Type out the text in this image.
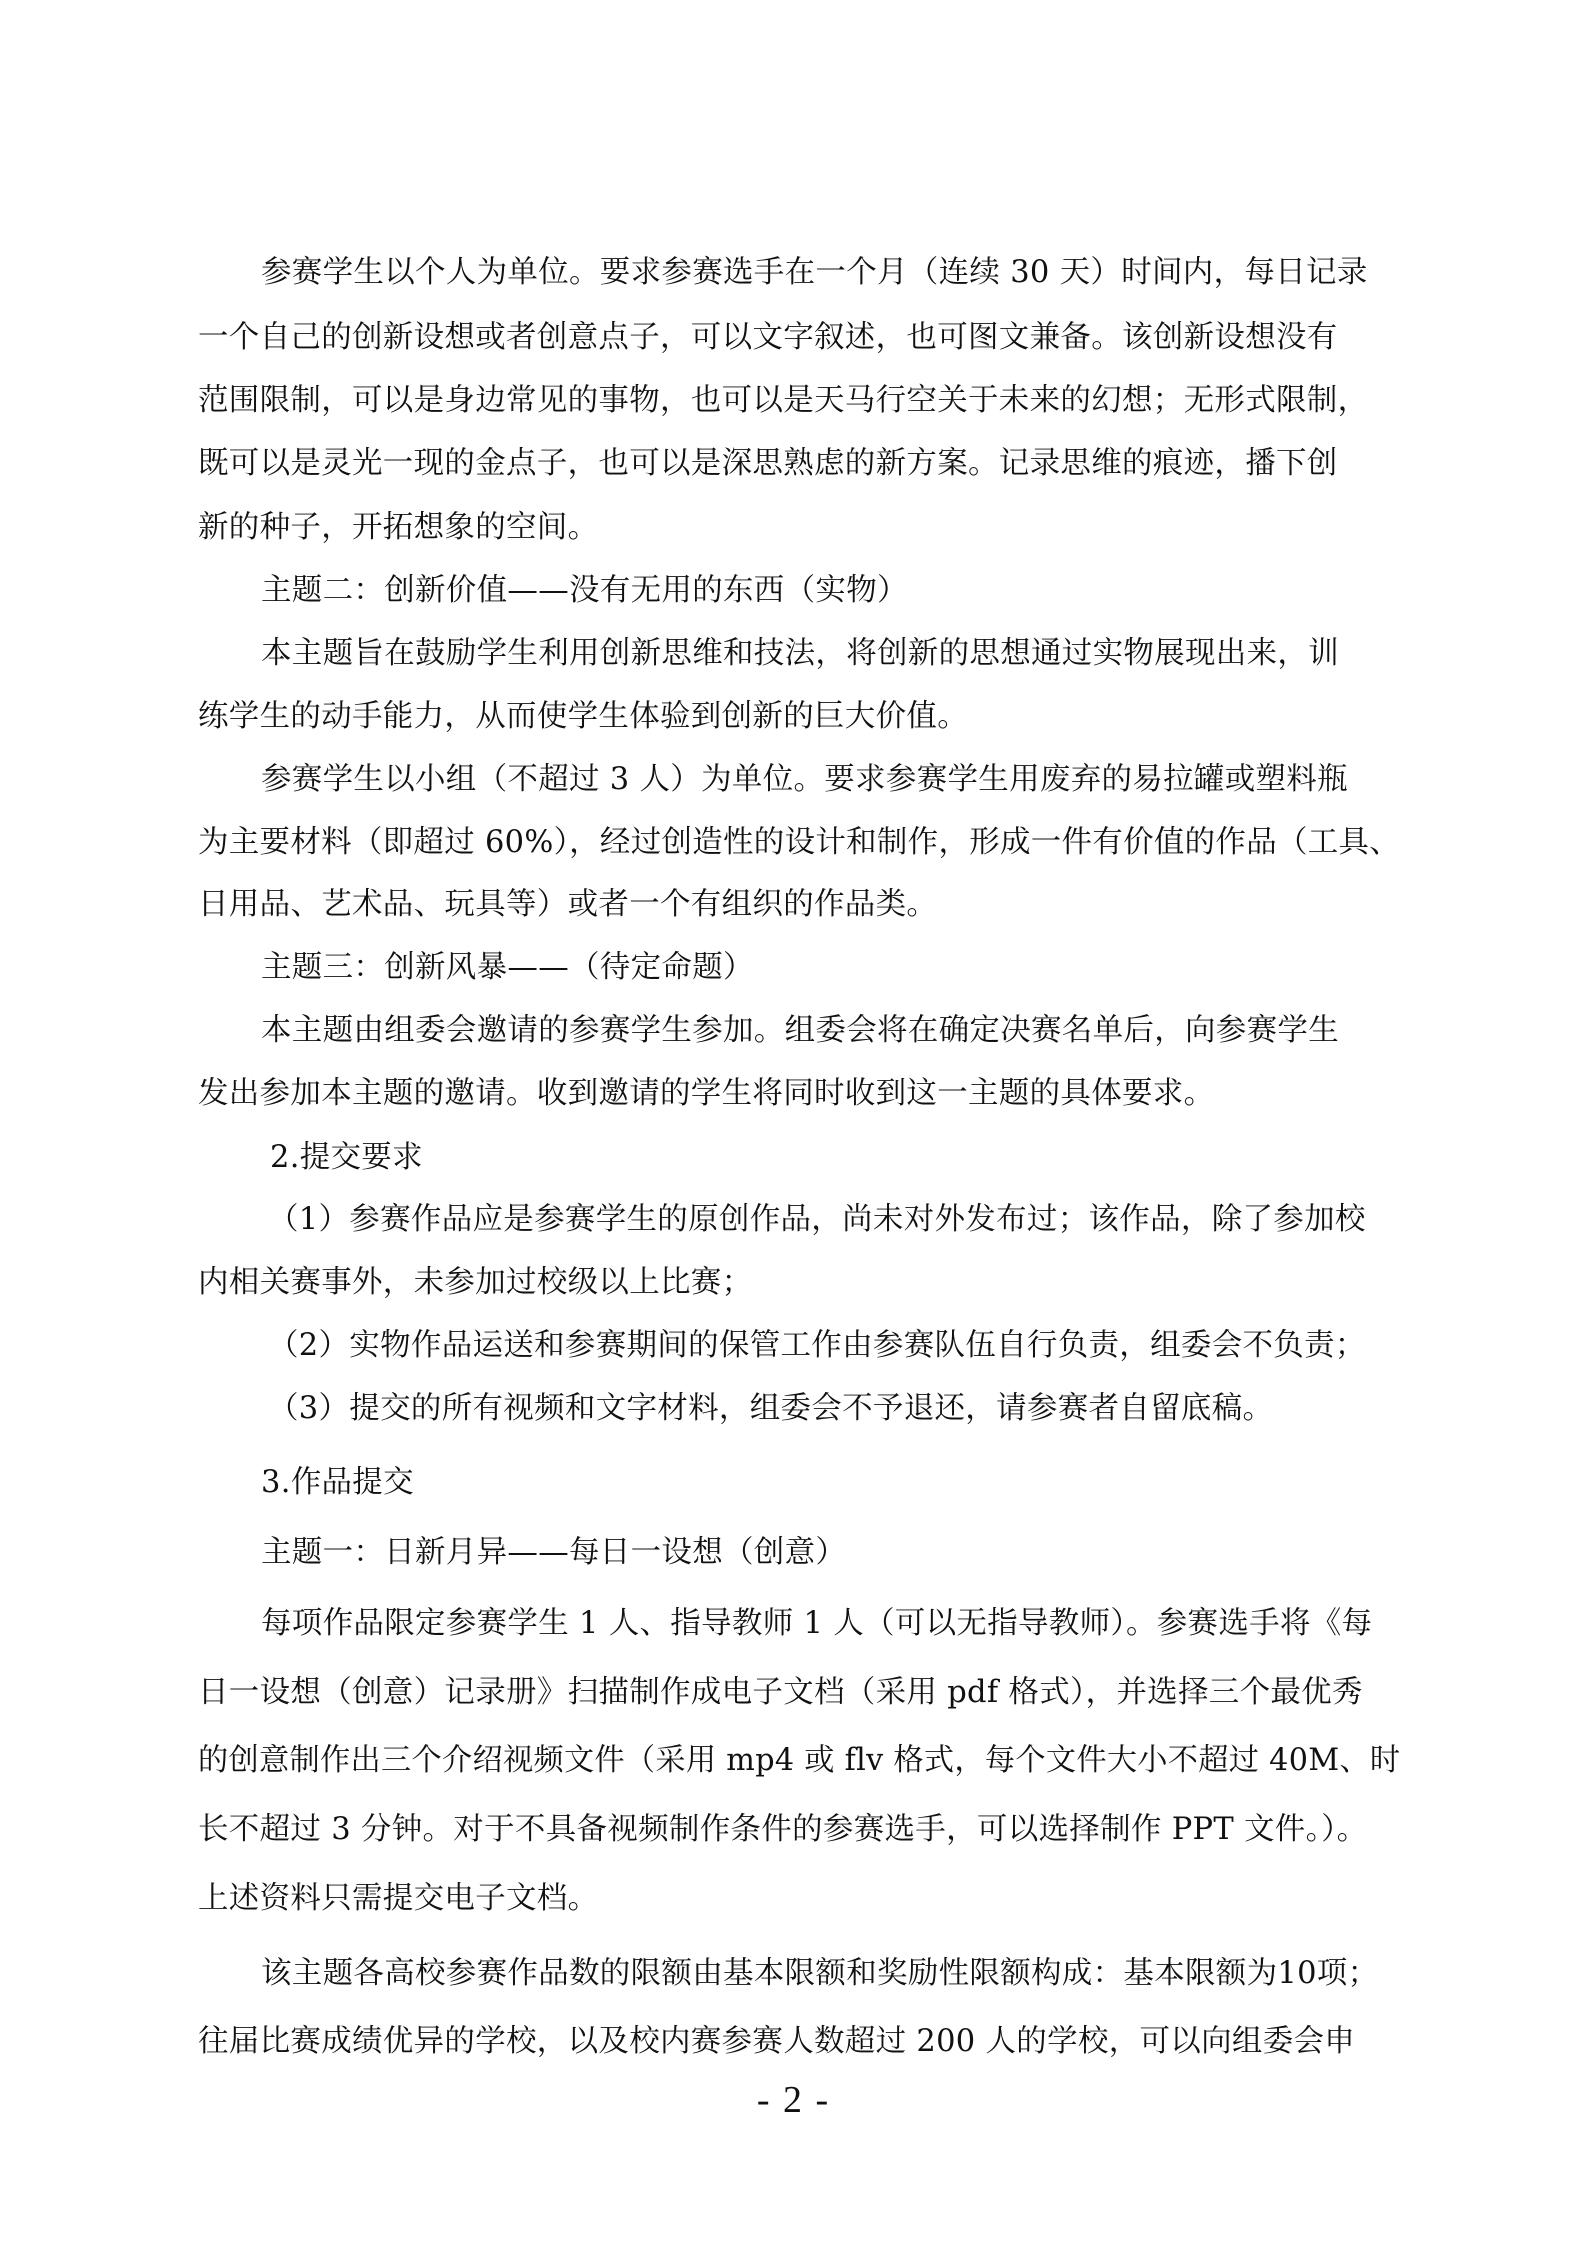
参赛学生以个人为单位。要求参赛选手在一个月（连续 30 天）时间内，每日记录
一个自己的创新设想或者创意点子，可以文字叙述，也可图文兼备。该创新设想没有
范围限制，可以是身边常见的事物，也可以是天马行空关于未来的幻想；无形式限制，
既可以是灵光一现的金点子，也可以是深思熟虑的新方案。记录思维的痕迹，播下创
新的种子，开拓想象的空间。
主题二：创新价值——没有无用的东西（实物）
本主题旨在鼓励学生利用创新思维和技法，将创新的思想通过实物展现出来，训
练学生的动手能力，从而使学生体验到创新的巨大价值。
参赛学生以小组（不超过 3 人）为单位。要求参赛学生用废弃的易拉罐或塑料瓶
为主要材料（即超过 60%），经过创造性的设计和制作，形成一件有价值的作品（工具、
日用品、艺术品、玩具等）或者一个有组织的作品类。
主题三：创新风暴——（待定命题）
本主题由组委会邀请的参赛学生参加。组委会将在确定决赛名单后，向参赛学生
发出参加本主题的邀请。收到邀请的学生将同时收到这一主题的具体要求。
2.提交要求
（1）参赛作品应是参赛学生的原创作品，尚未对外发布过；该作品，除了参加校
内相关赛事外，未参加过校级以上比赛；
（2）实物作品运送和参赛期间的保管工作由参赛队伍自行负责，组委会不负责；
（3）提交的所有视频和文字材料，组委会不予退还，请参赛者自留底稿。
3.作品提交
主题一：日新月异——每日一设想（创意）
每项作品限定参赛学生 1 人、指导教师 1 人（可以无指导教师）。参赛选手将《每
日一设想（创意）记录册》扫描制作成电子文档（采用 pdf 格式），并选择三个最优秀
的创意制作出三个介绍视频文件（采用 mp4 或 flv 格式，每个文件大小不超过 40M、时
长不超过 3 分钟。对于不具备视频制作条件的参赛选手，可以选择制作 PPT 文件。）。
上述资料只需提交电子文档。
该主题各高校参赛作品数的限额由基本限额和奖励性限额构成：基本限额为10项；
往届比赛成绩优异的学校，以及校内赛参赛人数超过 200 人的学校，可以向组委会申
- 2 -
